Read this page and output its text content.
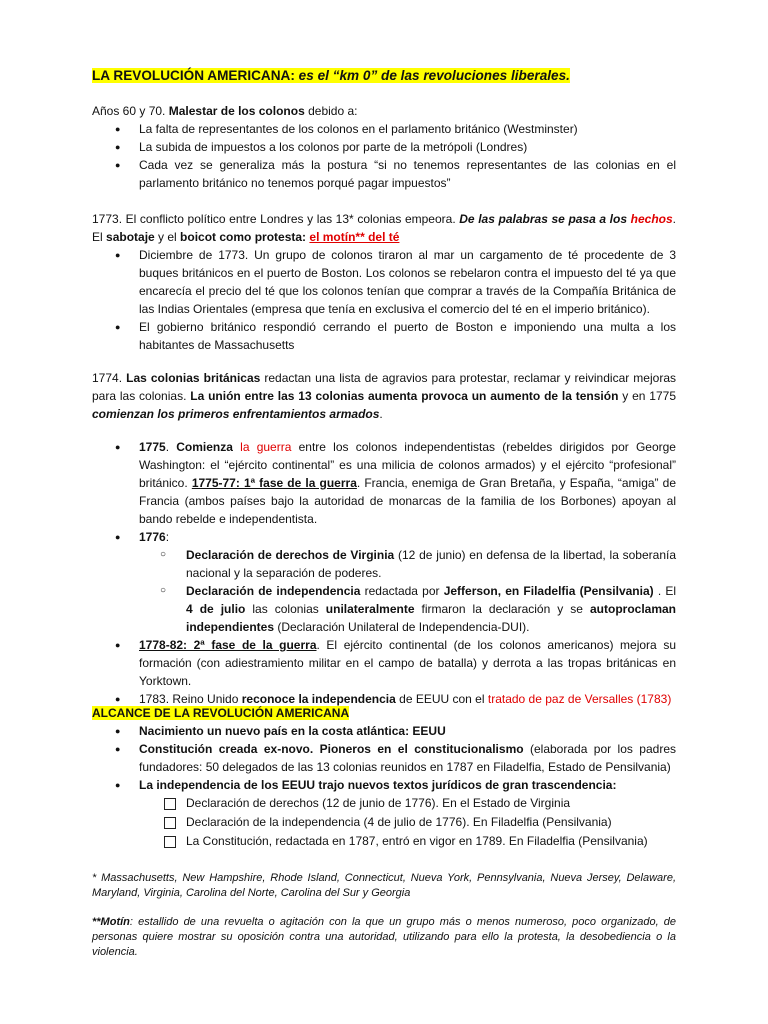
LA REVOLUCIÓN AMERICANA: es el “km 0” de las revoluciones liberales.

Años 60 y 70. Malestar de los colonos debido a:

● La falta de representantes de los colonos en el parlamento británico (Westminster)
● La subida de impuestos a los colonos por parte de la metrópoli (Londres)
● Cada vez se generaliza más la postura “si no tenemos representantes de las colonias en el parlamento británico no tenemos porqué pagar impuestos”

1773. El conflicto político entre Londres y las 13* colonias empeora. De las palabras se pasa a los hechos. El sabotaje y el boicot como protesta: el motín** del té

● Diciembre de 1773. Un grupo de colonos tiraron al mar un cargamento de té procedente de 3 buques británicos en el puerto de Boston. Los colonos se rebelaron contra el impuesto del té ya que encarecía el precio del té que los colonos tenían que comprar a través de la Compañía Británica de las Indias Orientales (empresa que tenía en exclusiva el comercio del té en el imperio británico).
● El gobierno británico respondió cerrando el puerto de Boston e imponiendo una multa a los habitantes de Massachusetts

1774. Las colonias británicas redactan una lista de agravios para protestar, reclamar y reivindicar mejoras para las colonias. La unión entre las 13 colonias aumenta provoca un aumento de la tensión y en 1775 comienzan los primeros enfrentamientos armados.

● 1775. Comienza la guerra entre los colonos independentistas (rebeldes dirigidos por George Washington: el “ejército continental” es una milicia de colonos armados) y el ejército “profesional” británico. 1775-77: 1ª fase de la guerra. Francia, enemiga de Gran Bretaña, y España, “amiga” de Francia (ambos países bajo la autoridad de monarcas de la familia de los Borbones) apoyan al bando rebelde e independentista.
● 1776:
○ Declaración de derechos de Virginia (12 de junio) en defensa de la libertad, la soberanía nacional y la separación de poderes.
○ Declaración de independencia redactada por Jefferson, en Filadelfia (Pensilvania) . El 4 de julio las colonias unilateralmente firmaron la declaración y se autoproclaman independientes (Declaración Unilateral de Independencia-DUI).
● 1778-82: 2ª fase de la guerra. El ejército continental (de los colonos americanos) mejora su formación (con adiestramiento militar en el campo de batalla) y derrota a las tropas británicas en Yorktown.
● 1783. Reino Unido reconoce la independencia de EEUU con el tratado de paz de Versalles (1783)

ALCANCE DE LA REVOLUCIÓN AMERICANA

● Nacimiento un nuevo país en la costa atlántica: EEUU
● Constitución creada ex-novo. Pioneros en el constitucionalismo (elaborada por los padres fundadores: 50 delegados de las 13 colonias reunidos en 1787 en Filadelfia, Estado de Pensilvania)
● La independencia de los EEUU trajo nuevos textos jurídicos de gran trascendencia:
Declaración de derechos (12 de junio de 1776). En el Estado de Virginia
Declaración de la independencia (4 de julio de 1776). En Filadelfia (Pensilvania)
La Constitución, redactada en 1787, entró en vigor en 1789. En Filadelfia (Pensilvania)

* Massachusetts, New Hampshire, Rhode Island, Connecticut, Nueva York, Pennsylvania, Nueva Jersey, Delaware, Maryland, Virginia, Carolina del Norte, Carolina del Sur y Georgia

**Motín: estallido de una revuelta o agitación con la que un grupo más o menos numeroso, poco organizado, de personas quiere mostrar su oposición contra una autoridad, utilizando para ello la protesta, la desobediencia o la violencia.
